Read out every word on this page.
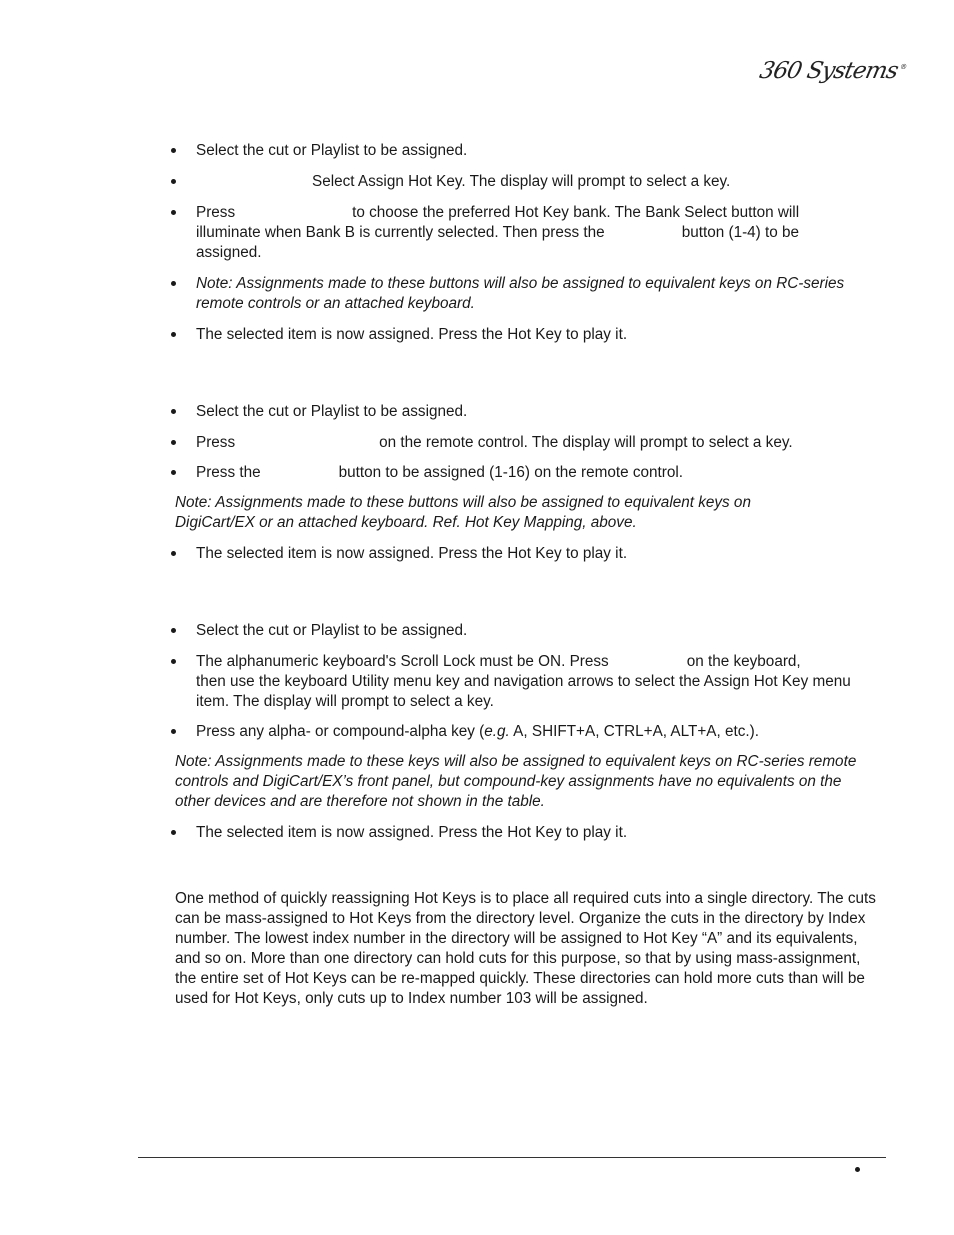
360 Systems®
Select the cut or Playlist to be assigned.
Select Assign Hot Key. The display will prompt to select a key.
Press	to choose the preferred Hot Key bank. The Bank Select button will
illuminate when Bank B is currently selected. Then press the	button (1-4) to be
assigned.
Note: Assignments made to these buttons will also be assigned to equivalent keys on RC-series remote controls or an attached keyboard.
The selected item is now assigned. Press the Hot Key to play it.
Select the cut or Playlist to be assigned.
Press	on the remote control. The display will prompt to select a key.
Press the	button to be assigned (1-16) on the remote control.
Note: Assignments made to these buttons will also be assigned to equivalent keys on DigiCart/EX or an attached keyboard. Ref. Hot Key Mapping, above.
The selected item is now assigned. Press the Hot Key to play it.
Select the cut or Playlist to be assigned.
The alphanumeric keyboard's Scroll Lock must be ON. Press	on the keyboard,
then use the keyboard Utility menu key and navigation arrows to select the Assign Hot Key menu item. The display will prompt to select a key.
Press any alpha- or compound-alpha key (e.g. A, SHIFT+A, CTRL+A, ALT+A, etc.).
Note: Assignments made to these keys will also be assigned to equivalent keys on RC-series remote controls and DigiCart/EX’s front panel, but compound-key assignments have no equivalents on the other devices and are therefore not shown in the table.
The selected item is now assigned. Press the Hot Key to play it.
One method of quickly reassigning Hot Keys is to place all required cuts into a single directory. The cuts can be mass-assigned to Hot Keys from the directory level. Organize the cuts in the directory by Index number. The lowest index number in the directory will be assigned to Hot Key “A” and its equivalents, and so on. More than one directory can hold cuts for this purpose, so that by using mass-assignment, the entire set of Hot Keys can be re-mapped quickly. These directories can hold more cuts than will be used for Hot Keys, only cuts up to Index number 103 will be assigned.
